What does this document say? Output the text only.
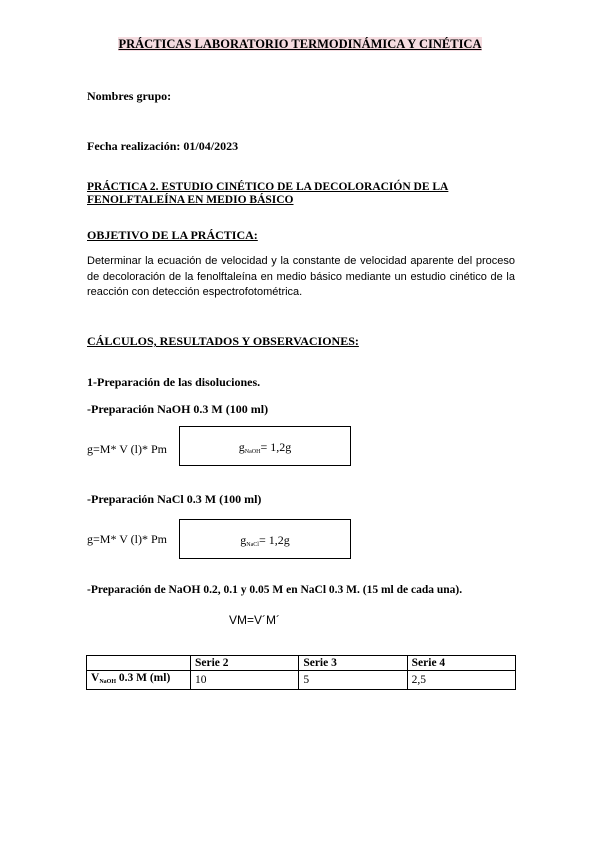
PRÁCTICAS LABORATORIO TERMODINÁMICA Y CINÉTICA
Nombres grupo:
Fecha realización: 01/04/2023
PRÁCTICA 2. ESTUDIO CINÉTICO DE LA DECOLORACIÓN DE LA
FENOLFTALEÍNA EN MEDIO BÁSICO
OBJETIVO DE LA PRÁCTICA:
Determinar la ecuación de velocidad y la constante de velocidad aparente del proceso de decoloración de la fenolftaleína en medio básico mediante un estudio cinético de la reacción con detección espectrofotométrica.
CÁLCULOS, RESULTADOS Y OBSERVACIONES:
1-Preparación de las disoluciones.
-Preparación NaOH 0.3 M (100 ml)
g=M* V (l)* Pm	$g_{NaOH}= 1,2g$
-Preparación NaCl 0.3 M (100 ml)
g=M* V (l)* Pm	$g_{NaCl}= 1,2g$
-Preparación de NaOH 0.2, 0.1 y 0.05 M en NaCl 0.3 M. (15 ml de cada una).
VM=V´M´
	Serie 2	Serie 3	Serie 4
$V_{NaOH}$ 0.3 M (ml)	10	5	2,5
